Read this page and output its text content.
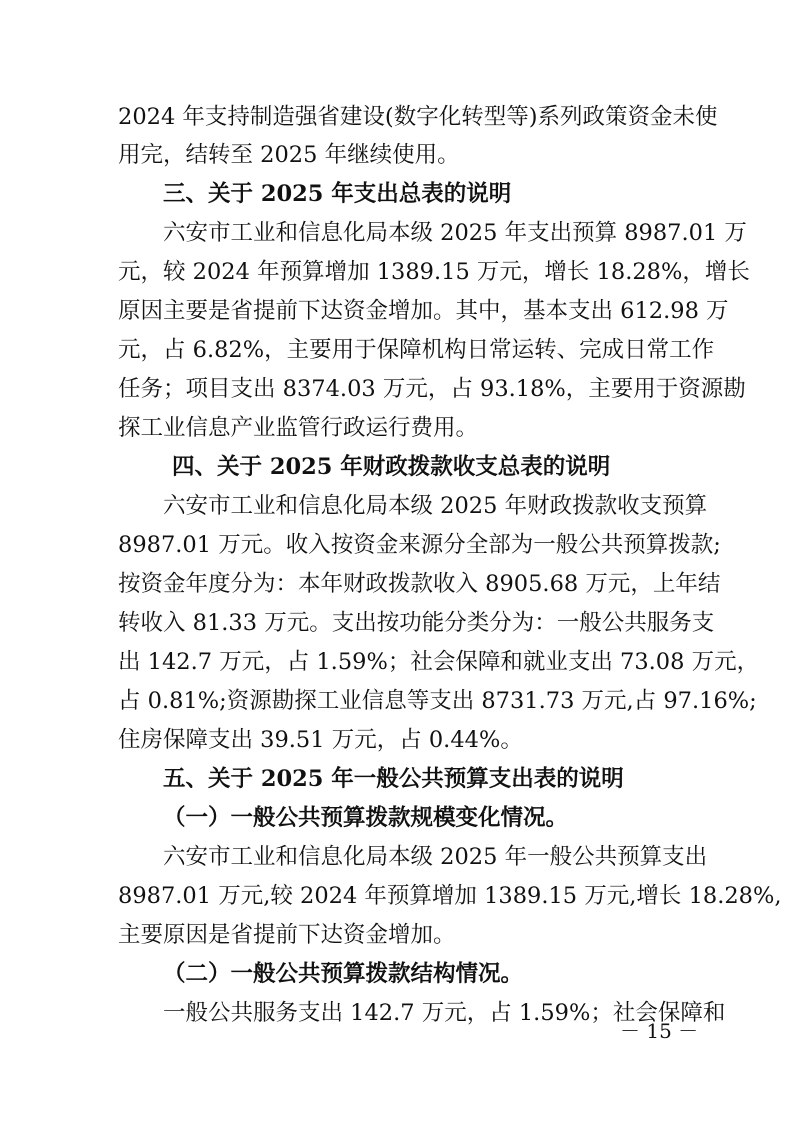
2024 年支持制造强省建设(数字化转型等)系列政策资金未使
用完，结转至 2025 年继续使用。
三、关于 2025 年支出总表的说明
六安市工业和信息化局本级 2025 年支出预算 8987.01 万
元，较 2024 年预算增加 1389.15 万元，增长 18.28%，增长
原因主要是省提前下达资金增加。其中，基本支出 612.98 万
元，占 6.82%，主要用于保障机构日常运转、完成日常工作
任务；项目支出 8374.03 万元，占 93.18%，主要用于资源勘
探工业信息产业监管行政运行费用。
四、关于 2025 年财政拨款收支总表的说明
六安市工业和信息化局本级 2025 年财政拨款收支预算
8987.01 万元。收入按资金来源分全部为一般公共预算拨款;
按资金年度分为：本年财政拨款收入 8905.68 万元，上年结
转收入 81.33 万元。支出按功能分类分为：一般公共服务支
出 142.7 万元，占 1.59%；社会保障和就业支出 73.08 万元，
占 0.81%;资源勘探工业信息等支出 8731.73 万元,占 97.16%;
住房保障支出 39.51 万元，占 0.44%。
五、关于 2025 年一般公共预算支出表的说明
（一）一般公共预算拨款规模变化情况。
六安市工业和信息化局本级 2025 年一般公共预算支出
8987.01 万元,较 2024 年预算增加 1389.15 万元,增长 18.28%,
主要原因是省提前下达资金增加。
（二）一般公共预算拨款结构情况。
一般公共服务支出 142.7 万元，占 1.59%；社会保障和
－ 15 －
